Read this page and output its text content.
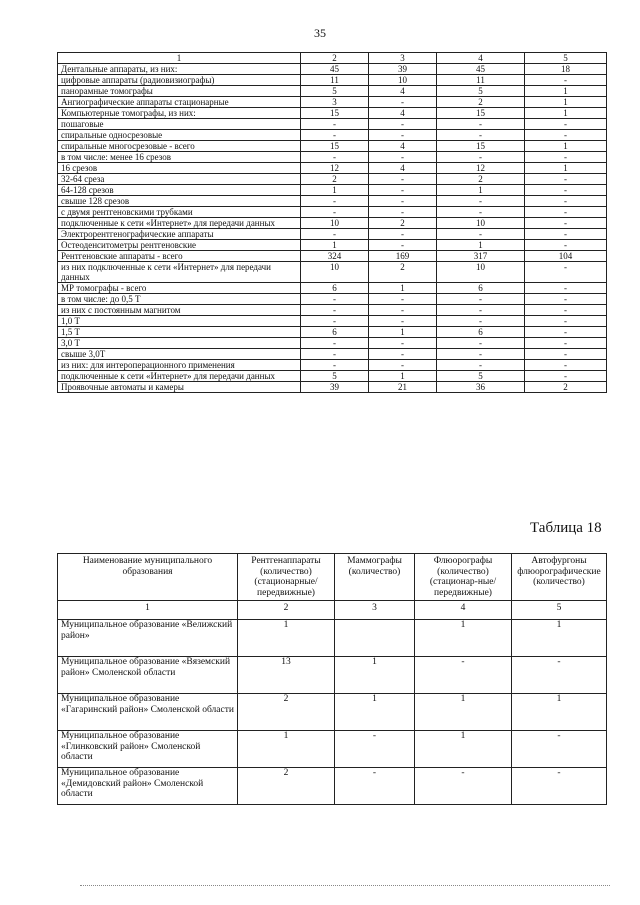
35
1	2	3	4	5
Дентальные аппараты, из них:	45	39	45	18
цифровые аппараты (радиовизиографы)	11	10	11	-
панорамные томографы	5	4	5	1
Ангиографические аппараты стационарные	3	-	2	1
Компьютерные томографы, из них:	15	4	15	1
пошаговые	-	-	-	-
спиральные односрезовые	-	-	-	-
спиральные многосрезовые - всего	15	4	15	1
в том числе: менее 16 срезов	-	-	-	-
16 срезов	12	4	12	1
32-64 среза	2	-	2	-
64-128 срезов	1	-	1	-
свыше 128 срезов	-	-	-	-
с двумя рентгеновскими трубками	-	-	-	-
подключенные к сети «Интернет» для передачи данных	10	2	10	-
Электрорентгенографические аппараты	-	-	-	-
Остеоденситометры рентгеновские	1	-	1	-
Рентгеновские аппараты - всего	324	169	317	104
из них подключенные к сети «Интернет» для передачи данных	10	2	10	-
МР томографы - всего	6	1	6	-
в том числе: до 0,5 Т	-	-	-	-
из них с постоянным магнитом	-	-	-	-
1,0 Т	-	-	-	-
1,5 Т	6	1	6	-
3,0 Т	-	-	-	-
свыше 3,0Т	-	-	-	-
из них: для интероперационного применения	-	-	-	-
подключенные к сети «Интернет» для передачи данных	5	1	5	-
Проявочные автоматы и камеры	39	21	36	2
Таблица 18
Наименование муниципального образования	Рентгенаппараты (количество) (стационарные/передвижные)	Маммографы (количество)	Флюорографы (количество) (стационар-ные/передвижные)	Автофургоны флюорографические (количество)
1	2	3	4	5
Муниципальное образование «Велижский район»	1		1	1
Муниципальное образование «Вяземский район» Смоленской области	13	1	-	-
Муниципальное образование «Гагаринский район» Смоленской области	2	1	1	1
Муниципальное образование «Глинковский район» Смоленской области	1	-	1	-
Муниципальное образование «Демидовский район» Смоленской области	2	-	-	-
